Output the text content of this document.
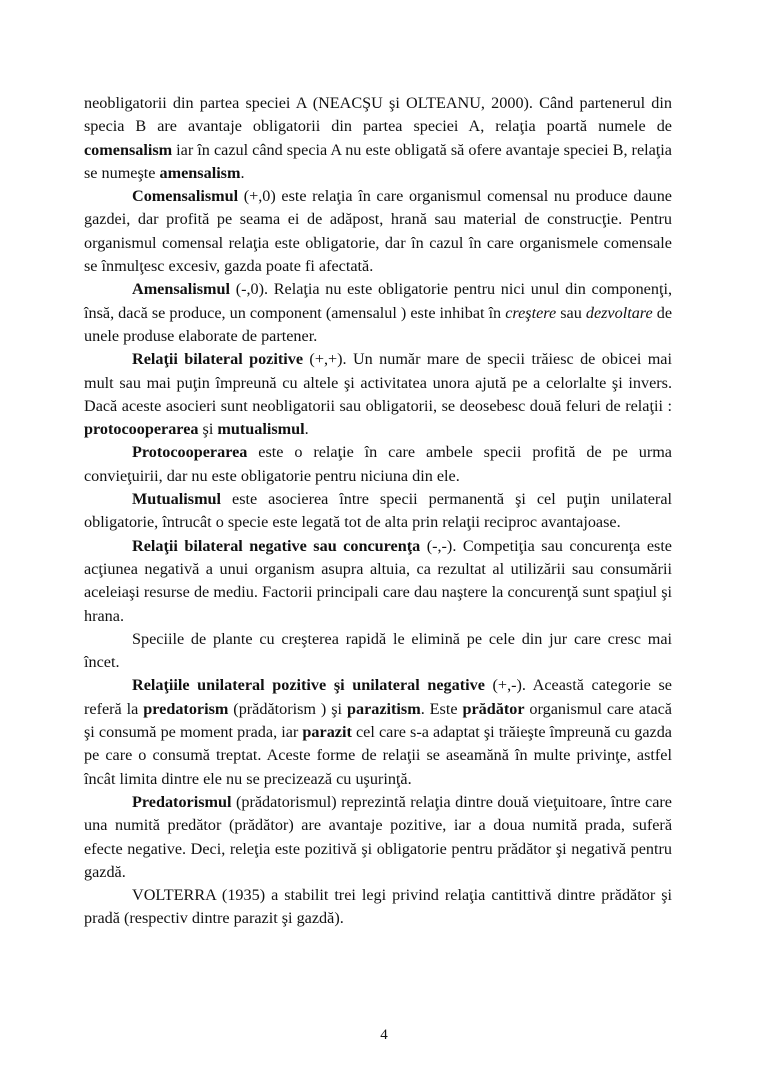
neobligatorii din partea speciei A (NEACŞU şi OLTEANU, 2000). Când partenerul din specia B are avantaje obligatorii din partea speciei A, relaţia poartă numele de comensalism iar în cazul când specia A nu este obligată să ofere avantaje speciei B, relaţia se numeşte amensalism.

Comensalismul (+,0) este relaţia în care organismul comensal nu produce daune gazdei, dar profită pe seama ei de adăpost, hrană sau material de construcţie. Pentru organismul comensal relaţia este obligatorie, dar în cazul în care organismele comensale se înmulţesc excesiv, gazda poate fi afectată.

Amensalismul (-,0). Relaţia nu este obligatorie pentru nici unul din componenţi, însă, dacă se produce, un component (amensalul ) este inhibat în creştere sau dezvoltare de unele produse elaborate de partener.

Relaţii bilateral pozitive (+,+). Un număr mare de specii trăiesc de obicei mai mult sau mai puţin împreună cu altele şi activitatea unora ajută pe a celorlalte şi invers. Dacă aceste asocieri sunt neobligatorii sau obligatorii, se deosebesc două feluri de relaţii : protocooperarea şi mutualismul.

Protocooperarea este o relaţie în care ambele specii profită de pe urma convieţuirii, dar nu este obligatorie pentru niciuna din ele.

Mutualismul este asocierea între specii permanentă şi cel puţin unilateral obligatorie, întrucât o specie este legată tot de alta prin relaţii reciproc avantajoase.

Relaţii bilateral negative sau concurenţa (-,-). Competiţia sau concurenţa este acţiunea negativă a unui organism asupra altuia, ca rezultat al utilizării sau consumării aceleiaşi resurse de mediu. Factorii principali care dau naştere la concurenţă sunt spaţiul şi hrana.

Speciile de plante cu creşterea rapidă le elimină pe cele din jur care cresc mai încet.

Relaţiile unilateral pozitive şi unilateral negative (+,-). Această categorie se referă la predatorism (prădătorism ) şi parazitism. Este prădător organismul care atacă şi consumă pe moment prada, iar parazit cel care s-a adaptat şi trăieşte împreună cu gazda pe care o consumă treptat. Aceste forme de relaţii se aseamănă în multe privinţe, astfel încât limita dintre ele nu se precizează cu uşurinţă.

Predatorismul (prădatorismul) reprezintă relaţia dintre două vieţuitoare, între care una numită predător (prădător) are avantaje pozitive, iar a doua numită prada, suferă efecte negative. Deci, releţia este pozitivă şi obligatorie pentru prădător şi negativă pentru gazdă.

VOLTERRA (1935) a stabilit trei legi privind relaţia cantittivă dintre prădător şi pradă (respectiv dintre parazit şi gazdă).

4
